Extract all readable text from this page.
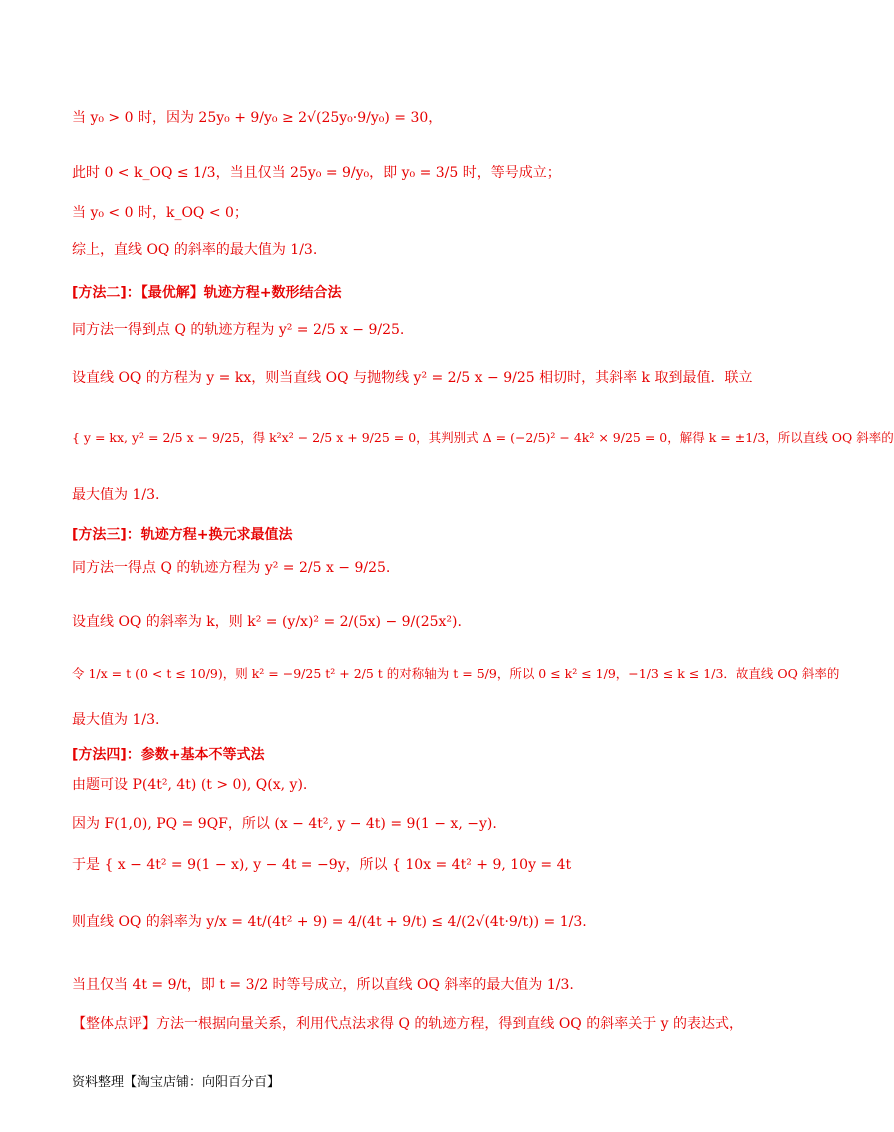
当 y₀ > 0 时，因为 25y₀ + 9/y₀ ≥ 2√(25y₀·9/y₀) = 30，
此时 0 < k_OQ ≤ 1/3，当且仅当 25y₀ = 9/y₀，即 y₀ = 3/5 时，等号成立；
当 y₀ < 0 时，k_OQ < 0；
综上，直线 OQ 的斜率的最大值为 1/3.
[方法二]：【最优解】轨迹方程+数形结合法
同方法一得到点 Q 的轨迹方程为 y² = 2/5 x − 9/25.
设直线 OQ 的方程为 y = kx，则当直线 OQ 与抛物线 y² = 2/5 x − 9/25 相切时，其斜率 k 取到最值．联立
{ y = kx, y² = 2/5 x − 9/25，得 k²x² − 2/5 x + 9/25 = 0，其判别式 Δ = (−2/5)² − 4k² × 9/25 = 0，解得 k = ±1/3，所以直线 OQ 斜率的
最大值为 1/3.
[方法三]：轨迹方程+换元求最值法
同方法一得点 Q 的轨迹方程为 y² = 2/5 x − 9/25.
设直线 OQ 的斜率为 k，则 k² = (y/x)² = 2/(5x) − 9/(25x²).
令 1/x = t (0 < t ≤ 10/9)，则 k² = −9/25 t² + 2/5 t 的对称轴为 t = 5/9，所以 0 ≤ k² ≤ 1/9，−1/3 ≤ k ≤ 1/3．故直线 OQ 斜率的
最大值为 1/3.
[方法四]：参数+基本不等式法
由题可设 P(4t², 4t) (t > 0), Q(x, y).
因为 F(1,0), PQ = 9QF，所以 (x − 4t², y − 4t) = 9(1 − x, −y).
于是 { x − 4t² = 9(1 − x), y − 4t = −9y，所以 { 10x = 4t² + 9, 10y = 4t
则直线 OQ 的斜率为 y/x = 4t/(4t² + 9) = 4/(4t + 9/t) ≤ 4/(2√(4t·9/t)) = 1/3.
当且仅当 4t = 9/t，即 t = 3/2 时等号成立，所以直线 OQ 斜率的最大值为 1/3.
【整体点评】方法一根据向量关系，利用代点法求得 Q 的轨迹方程，得到直线 OQ 的斜率关于 y 的表达式，
资料整理【淘宝店铺：向阳百分百】
